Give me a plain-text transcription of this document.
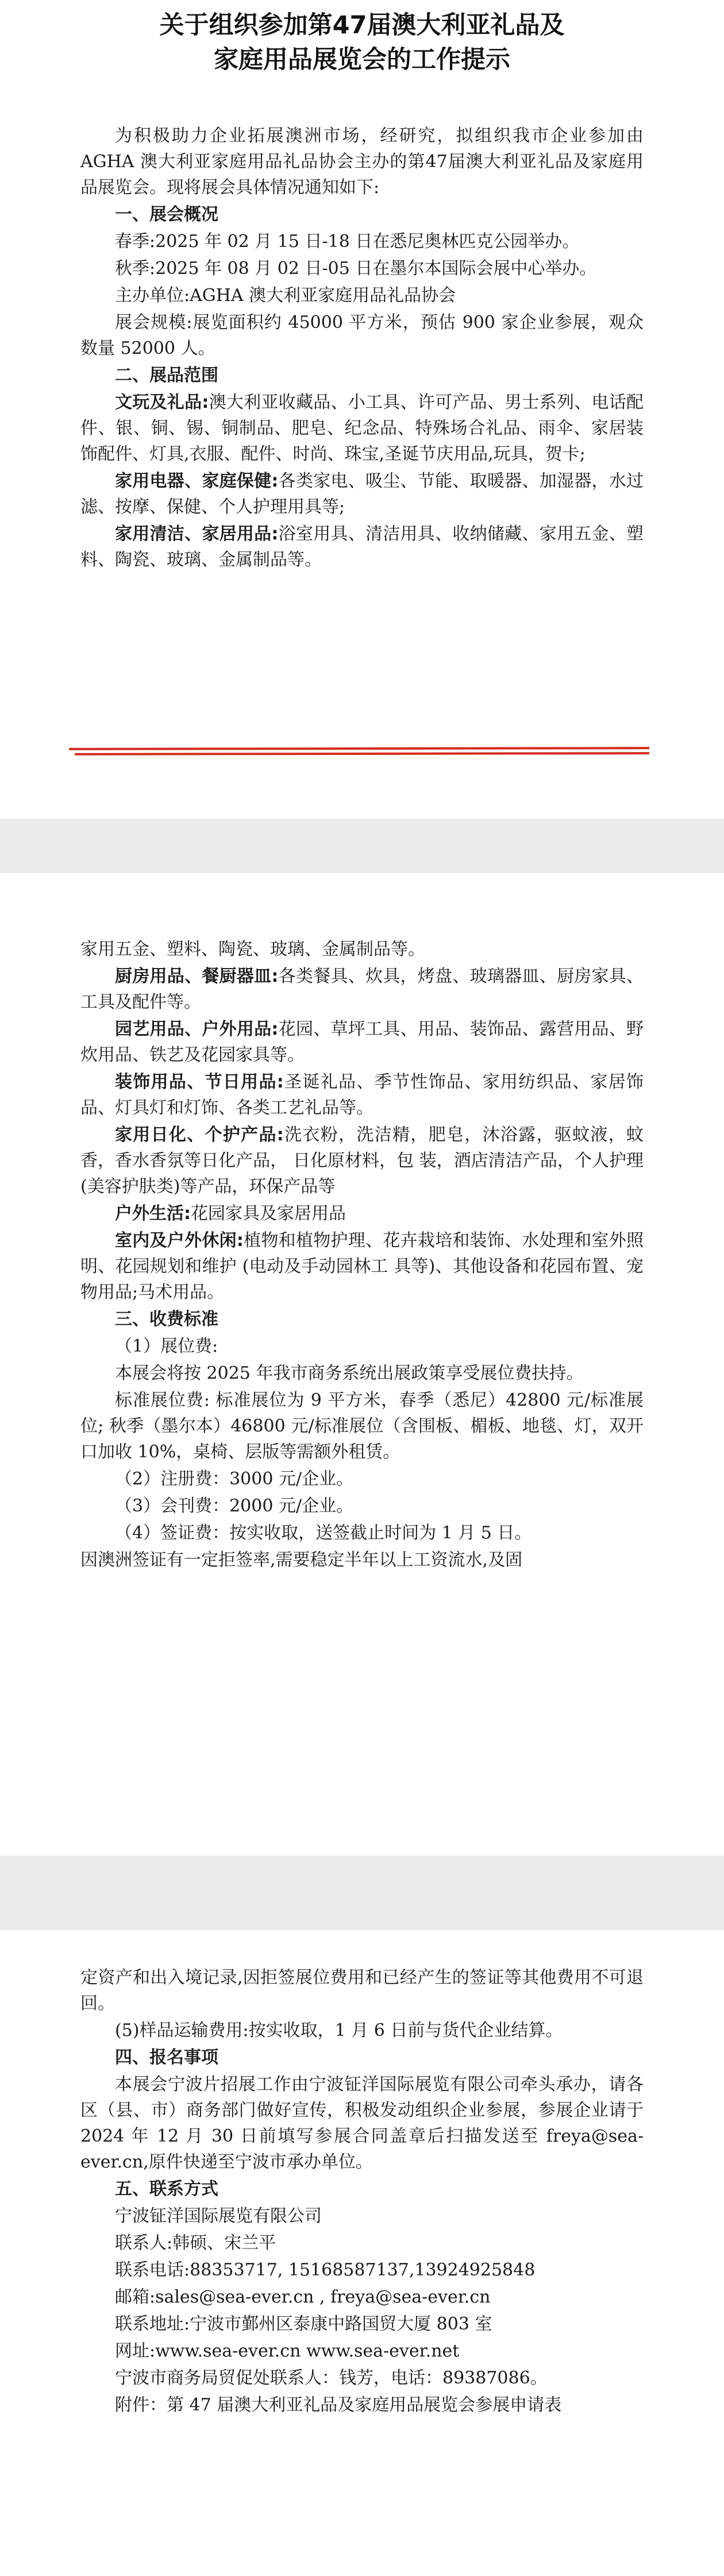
关于组织参加第47届澳大利亚礼品及
家庭用品展览会的工作提示

为积极助力企业拓展澳洲市场，经研究，拟组织我市企业参加由 AGHA 澳大利亚家庭用品礼品协会主办的第47届澳大利亚礼品及家庭用品展览会。现将展会具体情况通知如下:

一、展会概况

春季:2025 年 02 月 15 日-18 日在悉尼奥林匹克公园举办。

秋季:2025 年 08 月 02 日-05 日在墨尔本国际会展中心举办。

主办单位:AGHA 澳大利亚家庭用品礼品协会

展会规模:展览面积约 45000 平方米，预估 900 家企业参展，观众数量 52000 人。

二、展品范围

文玩及礼品:澳大利亚收藏品、小工具、许可产品、男士系列、电话配件、银、铜、锡、铜制品、肥皂、纪念品、特殊场合礼品、雨伞、家居装饰配件、灯具,衣服、配件、时尚、珠宝,圣诞节庆用品,玩具，贺卡;

家用电器、家庭保健:各类家电、吸尘、节能、取暖器、加湿器，水过滤、按摩、保健、个人护理用具等;

家用清洁、家居用品:浴室用具、清洁用具、收纳储藏、家用五金、塑料、陶瓷、玻璃、金属制品等。

家用五金、塑料、陶瓷、玻璃、金属制品等。

厨房用品、餐厨器皿:各类餐具、炊具，烤盘、玻璃器皿、厨房家具、工具及配件等。

园艺用品、户外用品:花园、草坪工具、用品、装饰品、露营用品、野炊用品、铁艺及花园家具等。

装饰用品、节日用品:圣诞礼品、季节性饰品、家用纺织品、家居饰品、灯具灯和灯饰、各类工艺礼品等。

家用日化、个护产品:洗衣粉，洗洁精，肥皂，沐浴露，驱蚊液，蚊香，香水香氛等日化产品， 日化原材料，包 装，酒店清洁产品，个人护理 (美容护肤类)等产品，环保产品等

户外生活:花园家具及家居用品

室内及户外休闲:植物和植物护理、花卉栽培和装饰、水处理和室外照明、花园规划和维护 (电动及手动园林工 具等)、其他设备和花园布置、宠物用品;马术用品。

三、收费标准

（1）展位费:

本展会将按 2025 年我市商务系统出展政策享受展位费扶持。

标准展位费: 标准展位为 9 平方米，春季（悉尼）42800 元/标准展位; 秋季（墨尔本）46800 元/标准展位（含围板、楣板、地毯、灯，双开口加收 10%，桌椅、层版等需额外租赁。

（2）注册费：3000 元/企业。

（3）会刊费：2000 元/企业。

（4）签证费：按实收取，送签截止时间为 1 月 5 日。

因澳洲签证有一定拒签率,需要稳定半年以上工资流水,及固

定资产和出入境记录,因拒签展位费用和已经产生的签证等其他费用不可退回。

(5)样品运输费用:按实收取，1 月 6 日前与货代企业结算。

四、报名事项

本展会宁波片招展工作由宁波钲洋国际展览有限公司牵头承办，请各区（县、市）商务部门做好宣传，积极发动组织企业参展，参展企业请于 2024 年 12 月 30 日前填写参展合同盖章后扫描发送至 freya@sea-ever.cn,原件快递至宁波市承办单位。

五、联系方式

宁波钲洋国际展览有限公司

联系人:韩硕、宋兰平

联系电话:88353717, 15168587137,13924925848

邮箱:sales@sea-ever.cn , freya@sea-ever.cn

联系地址:宁波市鄞州区泰康中路国贸大厦 803 室

网址:www.sea-ever.cn www.sea-ever.net

宁波市商务局贸促处联系人：钱芳，电话：89387086。

附件：第 47 届澳大利亚礼品及家庭用品展览会参展申请表
